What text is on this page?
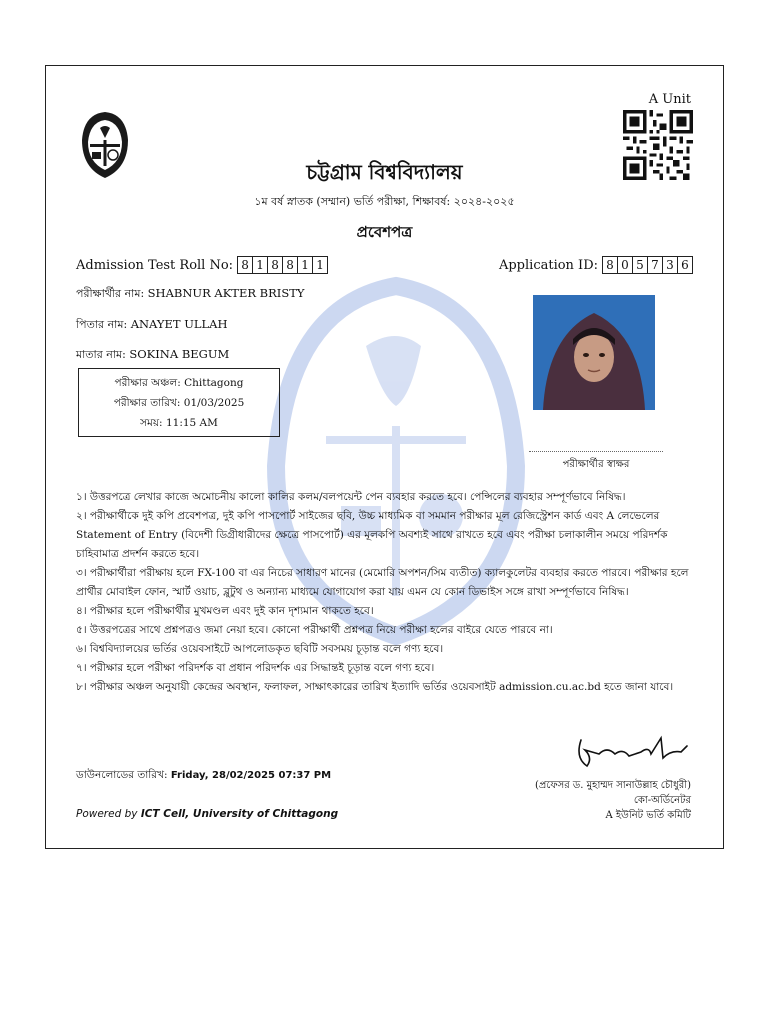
A Unit
চট্টগ্রাম বিশ্ববিদ্যালয়
১ম বর্ষ স্নাতক (সম্মান) ভর্তি পরীক্ষা, শিক্ষাবর্ষ: ২০২৪-২০২৫
প্রবেশপত্র
Admission Test Roll No: 8 1 8 8 1 1	Application ID: 8 0 5 7 3 6
পরীক্ষার্থীর নাম: SHABNUR AKTER BRISTY
পিতার নাম: ANAYET ULLAH
মাতার নাম: SOKINA BEGUM
পরীক্ষার অঞ্চল: Chittagong
পরীক্ষার তারিখ: 01/03/2025
সময়: 11:15 AM
পরীক্ষার্থীর স্বাক্ষর

১। উত্তরপত্রে লেখার কাজে অমোচনীয় কালো কালির কলম/বলপয়েন্ট পেন ব্যবহার করতে হবে। পেন্সিলের ব্যবহার সম্পূর্ণভাবে নিষিদ্ধ।

২। পরীক্ষার্থীকে দুই কপি প্রবেশপত্র, দুই কপি পাসপোর্ট সাইজের ছবি, উচ্চ মাধ্যমিক বা সমমান পরীক্ষার মূল রেজিস্ট্রেশন কার্ড এবং A লেভেলের Statement of Entry (বিদেশী ডিগ্রীধারীদের ক্ষেত্রে পাসপোর্ট) এর মূলকপি অবশ্যই সাথে রাখতে হবে এবং পরীক্ষা চলাকালীন সময়ে পরিদর্শক চাহিবামাত্র প্রদর্শন করতে হবে।

৩। পরীক্ষার্থীরা পরীক্ষায় হলে FX-100 বা এর নিচের সাধারণ মানের (মেমোরি অপশন/সিম ব্যতীত) ক্যালকুলেটর ব্যবহার করতে পারবে। পরীক্ষার হলে প্রার্থীর মোবাইল ফোন, স্মার্ট ওয়াচ, ব্লুটুথ ও অন্যান্য মাধ্যমে যোগাযোগ করা যায় এমন যে কোন ডিভাইস সঙ্গে রাখা সম্পূর্ণভাবে নিষিদ্ধ।

৪। পরীক্ষার হলে পরীক্ষার্থীর মুখমণ্ডল এবং দুই কান দৃশ্যমান থাকতে হবে।

৫। উত্তরপত্রের সাথে প্রশ্নপত্রও জমা নেয়া হবে। কোনো পরীক্ষার্থী প্রশ্নপত্র নিয়ে পরীক্ষা হলের বাইরে যেতে পারবে না।

৬। বিশ্ববিদ্যালয়ের ভর্তির ওয়েবসাইটে আপলোডকৃত ছবিটি সবসময় চূড়ান্ত বলে গণ্য হবে।

৭। পরীক্ষার হলে পরীক্ষা পরিদর্শক বা প্রধান পরিদর্শক এর সিদ্ধান্তই চূড়ান্ত বলে গণ্য হবে।

৮। পরীক্ষার অঞ্চল অনুযায়ী কেন্দ্রের অবস্থান, ফলাফল, সাক্ষাৎকারের তারিখ ইত্যাদি ভর্তির ওয়েবসাইট admission.cu.ac.bd হতে জানা যাবে।

ডাউনলোডের তারিখ: Friday, 28/02/2025 07:37 PM
Powered by ICT Cell, University of Chittagong
(প্রফেসর ড. মুহাম্মদ সানাউল্লাহ চৌধুরী)
কো-অর্ডিনেটর
A ইউনিট ভর্তি কমিটি
